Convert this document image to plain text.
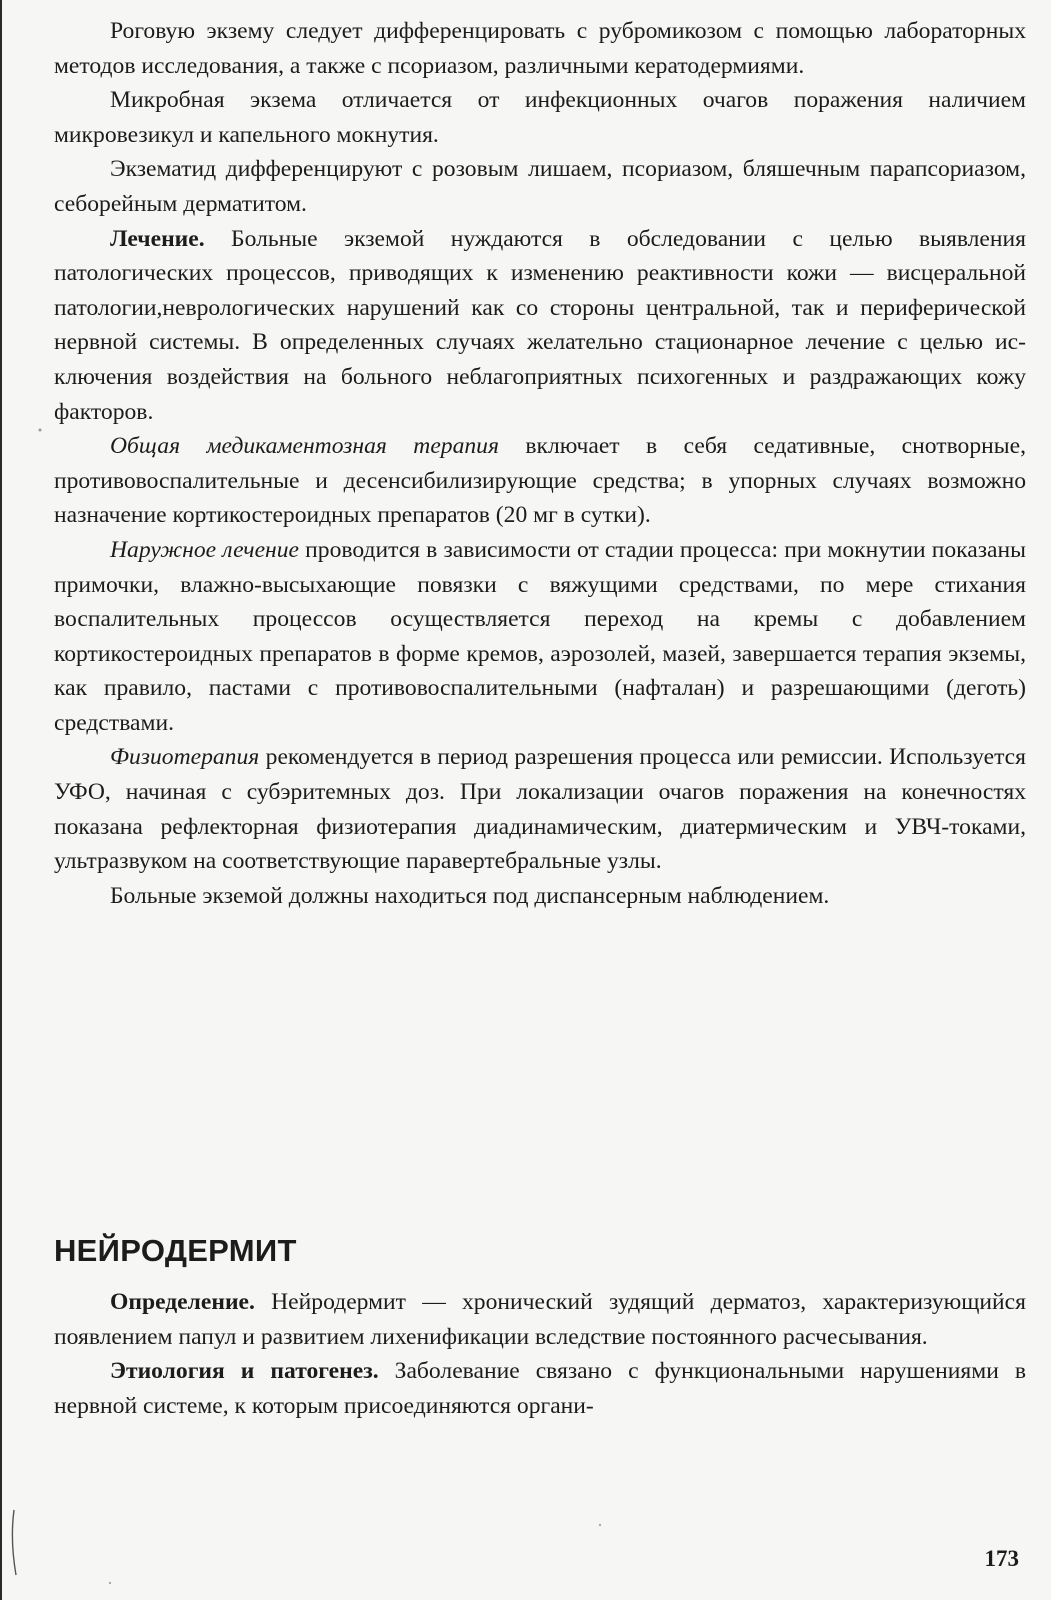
Роговую экзему следует дифференцировать с рубромикозом с помощью лабораторных методов исследования, а также с псориазом, различными кератодермиями.

Микробная экзема отличается от инфекционных очагов поражения наличием микровезикул и капельного мокнутия.

Экзематид дифференцируют с розовым лишаем, псориазом, бляшечным парапсориазом, себорейным дерматитом.

Лечение. Больные экземой нуждаются в обследовании с целью выявления патологических процессов, приводящих к изменению реактивности кожи — висцеральной патологии,неврологических нарушений как со стороны центральной, так и периферической нервной системы. В определенных случаях желательно стационарное лечение с целью исключения воздействия на больного неблагоприятных психогенных и раздражающих кожу факторов.

Общая медикаментозная терапия включает в себя седативные, снотворные, противовоспалительные и десенсибилизирующие средства; в упорных случаях возможно назначение кортикостероидных препаратов (20 мг в сутки).

Наружное лечение проводится в зависимости от стадии процесса: при мокнутии показаны примочки, влажно-высыхающие повязки с вяжущими средствами, по мере стихания воспалительных процессов осуществляется переход на кремы с добавлением кортикостероидных препаратов в форме кремов, аэрозолей, мазей, завершается терапия экземы, как правило, пастами с противовоспалительными (нафталан) и разрешающими (деготь) средствами.

Физиотерапия рекомендуется в период разрешения процесса или ремиссии. Используется УФО, начиная с субэритемных доз. При локализации очагов поражения на конечностях показана рефлекторная физиотерапия диадинамическим, диатермическим и УВЧ-токами, ультразвуком на соответствующие паравертебральные узлы.

Больные экземой должны находиться под диспансерным наблюдением.

НЕЙРОДЕРМИТ

Определение. Нейродермит — хронический зудящий дерматоз, характеризующийся появлением папул и развитием лихенификации вследствие постоянного расчесывания.

Этиология и патогенез. Заболевание связано с функциональными нарушениями в нервной системе, к которым присоединяются органи-

173
